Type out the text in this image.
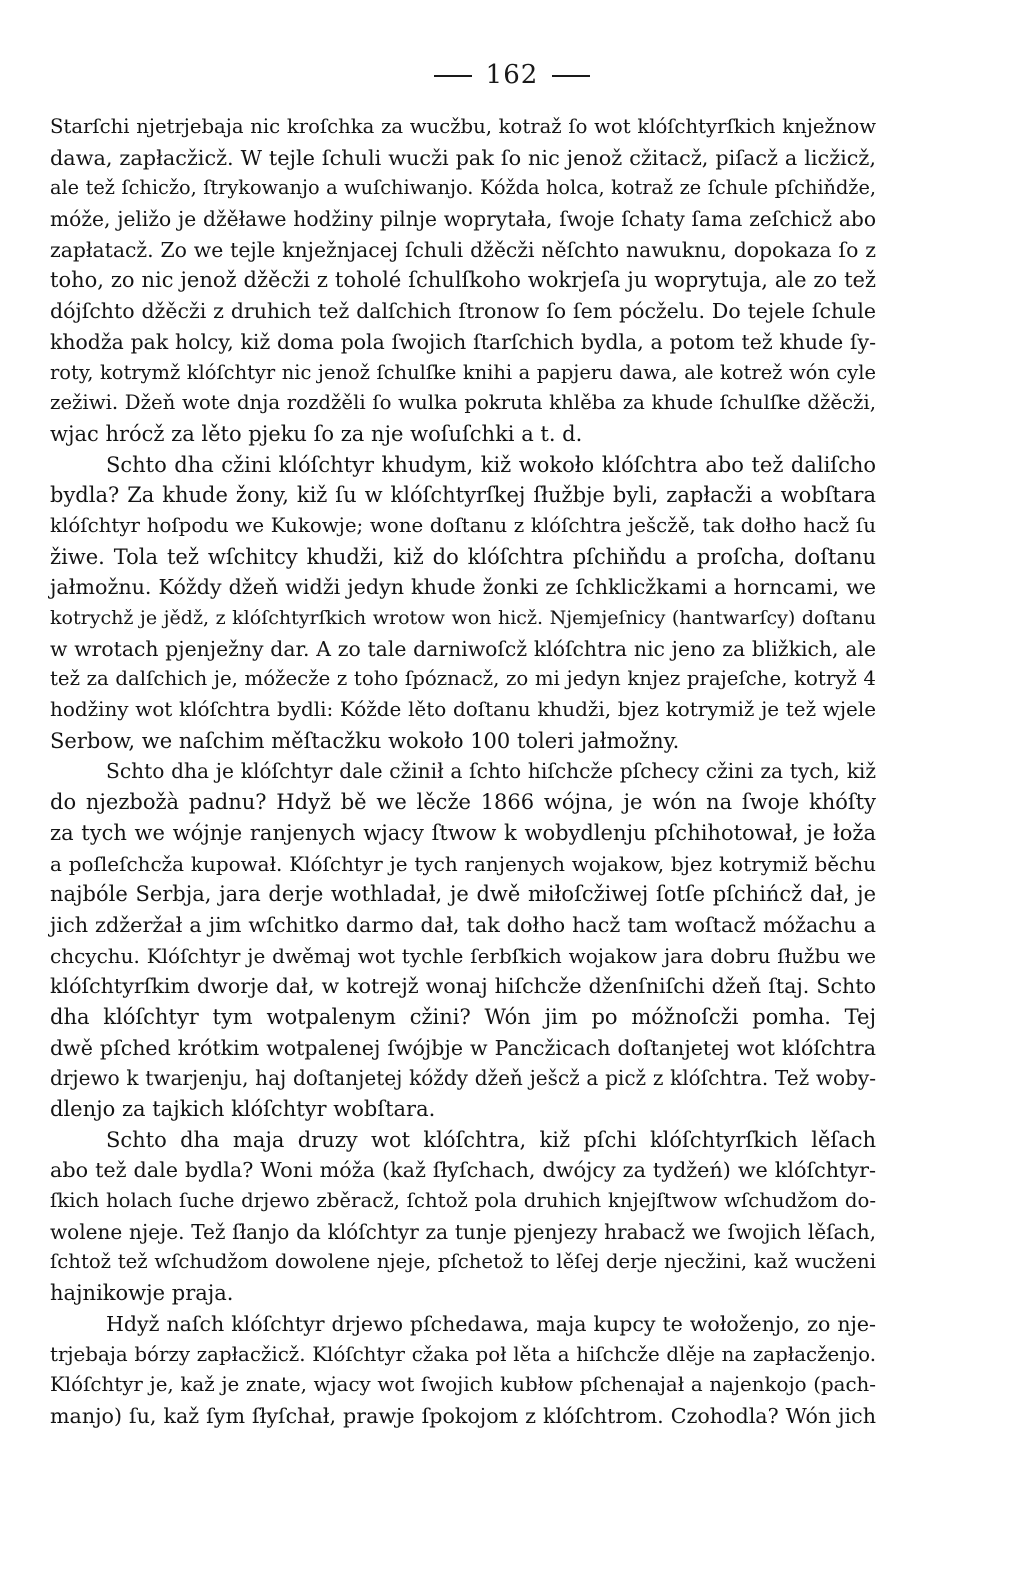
162
Starſchi njetrjebaja nic kroſchka za wucžbu, kotraž ſo wot klóſchtyrſkich knježnow
dawa, zapłacžicž. W tejle ſchuli wucži pak ſo nic jenož cžitacž, piſacž a licžicž,
ale tež ſchicžo, ſtrykowanjo a wuſchiwanjo. Kóžda holca, kotraž ze ſchule pſchiňdže,
móže, jeližo je džěławe hodžiny pilnje woprytała, ſwoje ſchaty ſama zeſchicž abo
zapłatacž. Zo we tejle knježnjacej ſchuli džěcži něſchto nawuknu, dopokaza ſo z
toho, zo nic jenož džěcži z toholé ſchulſkoho wokrjeſa ju woprytuja, ale zo tež
dójſchto džěcži z druhich tež dalſchich ſtronow ſo ſem pócželu. Do tejele ſchule
khodža pak holcy, kiž doma pola ſwojich ſtarſchich bydla, a potom tež khude ſy-
roty, kotrymž klóſchtyr nic jenož ſchulſke knihi a papjeru dawa, ale kotrež wón cyle
zežiwi. Džeň wote dnja rozdžěli ſo wulka pokruta khlěba za khude ſchulſke džěcži,
wjac hrócž za lěto pjeku ſo za nje woſuſchki a t. d.
Schto dha cžini klóſchtyr khudym, kiž wokoło klóſchtra abo tež daliſcho
bydla? Za khude žony, kiž ſu w klóſchtyrſkej ſłužbje byli, zapłacži a wobſtara
klóſchtyr hoſpodu we Kukowje; wone doſtanu z klóſchtra ješcžě, tak dołho hacž ſu
žiwe. Tola tež wſchitcy khudži, kiž do klóſchtra pſchiňdu a proſcha, doſtanu
jałmožnu. Kóždy džeň widži jedyn khude žonki ze ſchklicžkami a horncami, we
kotrychž je jědž, z klóſchtyrſkich wrotow won hicž. Njemjeſnicy (hantwarſcy) doſtanu
w wrotach pjenježny dar. A zo tale darniwoſcž klóſchtra nic jeno za bližkich, ale
tež za dalſchich je, móžecže z toho ſpóznacž, zo mi jedyn knjez prajeſche, kotryž 4
hodžiny wot klóſchtra bydli: Kóžde lěto doſtanu khudži, bjez kotrymiž je tež wjele
Serbow, we naſchim měſtacžku wokoło 100 toleri jałmožny.
Schto dha je klóſchtyr dale cžinił a ſchto hiſchcže pſchecy cžini za tych, kiž
do njezbožà padnu? Hdyž bě we lěcže 1866 wójna, je wón na ſwoje khóſty
za tych we wójnje ranjenych wjacy ſtwow k wobydlenju pſchihotował, je łoža
a poſleſchcža kupował. Klóſchtyr je tych ranjenych wojakow, bjez kotrymiž běchu
najbóle Serbja, jara derje wothladał, je dwě miłoſcžiwej ſotſe pſchińcž dał, je
jich zdžeržał a jim wſchitko darmo dał, tak dołho hacž tam woſtacž móžachu a
chcychu. Klóſchtyr je dwěmaj wot tychle ſerbſkich wojakow jara dobru ſłužbu we
klóſchtyrſkim dworje dał, w kotrejž wonaj hiſchcže dženſniſchi džeň ſtaj. Schto
dha klóſchtyr tym wotpalenym cžini? Wón jim po móžnoſcži pomha. Tej
dwě pſched krótkim wotpalenej ſwójbje w Pancžicach doſtanjetej wot klóſchtra
drjewo k twarjenju, haj doſtanjetej kóždy džeň ješcž a picž z klóſchtra. Tež woby-
dlenjo za tajkich klóſchtyr wobſtara.
Schto dha maja druzy wot klóſchtra, kiž pſchi klóſchtyrſkich lěſach
abo tež dale bydla? Woni móža (kaž ſłyſchach, dwójcy za tydžeń) we klóſchtyr-
ſkich holach ſuche drjewo zběracž, ſchtož pola druhich knjejſtwow wſchudžom do-
wolene njeje. Tež ſłanjo da klóſchtyr za tunje pjenjezy hrabacž we ſwojich lěſach,
ſchtož tež wſchudžom dowolene njeje, pſchetož to lěſej derje njecžini, kaž wucženi
hajnikowje praja.
Hdyž naſch klóſchtyr drjewo pſchedawa, maja kupcy te wołoženjo, zo nje-
trjebaja bórzy zapłacžicž. Klóſchtyr cžaka poł lěta a hiſchcže dlěje na zapłacženjo.
Klóſchtyr je, kaž je znate, wjacy wot ſwojich kubłow pſchenajał a najenkojo (pach-
manjo) ſu, kaž ſym ſłyſchał, prawje ſpokojom z klóſchtrom. Czohodla? Wón jich
